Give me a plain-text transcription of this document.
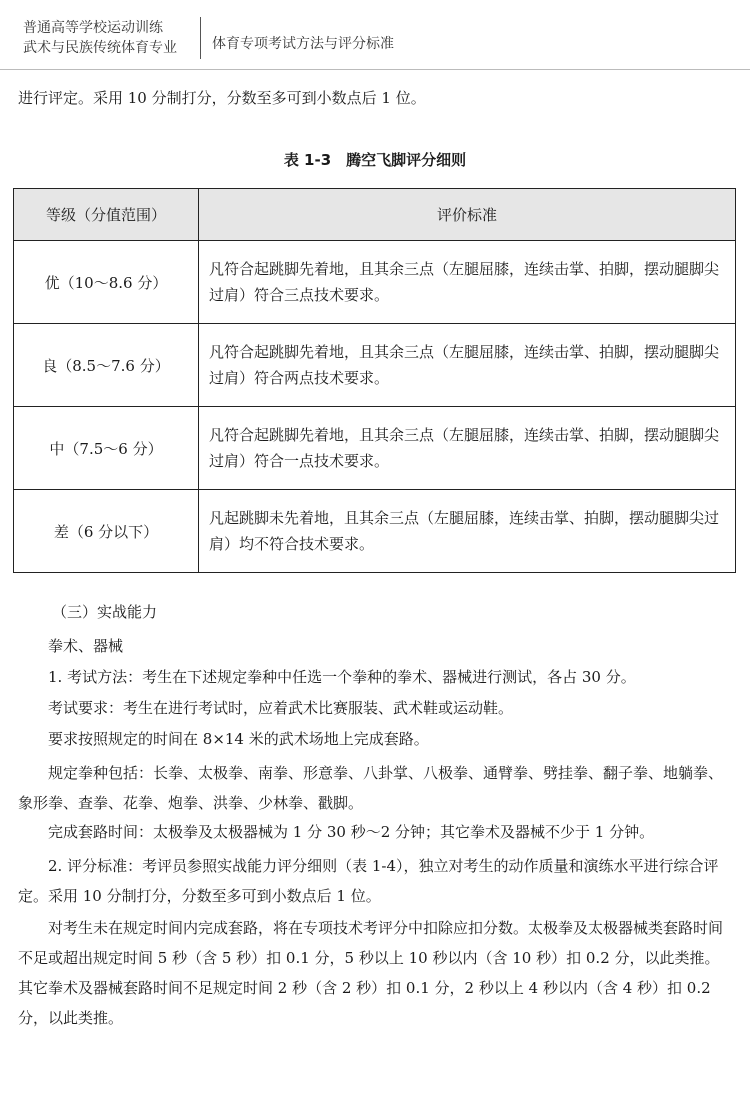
普通高等学校运动训练
武术与民族传统体育专业	体育专项考试方法与评分标准

进行评定。采用 10 分制打分，分数至多可到小数点后 1 位。

表 1-3　腾空飞脚评分细则
等级（分值范围）	评价标准
优（10～8.6 分）	凡符合起跳脚先着地，且其余三点（左腿屈膝，连续击掌、拍脚，摆动腿脚尖过肩）符合三点技术要求。
良（8.5～7.6 分）	凡符合起跳脚先着地，且其余三点（左腿屈膝，连续击掌、拍脚，摆动腿脚尖过肩）符合两点技术要求。
中（7.5～6 分）	凡符合起跳脚先着地，且其余三点（左腿屈膝，连续击掌、拍脚，摆动腿脚尖过肩）符合一点技术要求。
差（6 分以下）	凡起跳脚未先着地，且其余三点（左腿屈膝，连续击掌、拍脚，摆动腿脚尖过肩）均不符合技术要求。

（三）实战能力

拳术、器械

1. 考试方法：考生在下述规定拳种中任选一个拳种的拳术、器械进行测试，各占 30 分。

考试要求：考生在进行考试时，应着武术比赛服装、武术鞋或运动鞋。

要求按照规定的时间在 8×14 米的武术场地上完成套路。

规定拳种包括：长拳、太极拳、南拳、形意拳、八卦掌、八极拳、通臂拳、劈挂拳、翻子拳、地躺拳、象形拳、查拳、花拳、炮拳、洪拳、少林拳、戳脚。

完成套路时间：太极拳及太极器械为 1 分 30 秒～2 分钟；其它拳术及器械不少于 1 分钟。

2. 评分标准：考评员参照实战能力评分细则（表 1-4），独立对考生的动作质量和演练水平进行综合评定。采用 10 分制打分，分数至多可到小数点后 1 位。

对考生未在规定时间内完成套路，将在专项技术考评分中扣除应扣分数。太极拳及太极器械类套路时间不足或超出规定时间 5 秒（含 5 秒）扣 0.1 分，5 秒以上 10 秒以内（含 10 秒）扣 0.2 分，以此类推。其它拳术及器械套路时间不足规定时间 2 秒（含 2 秒）扣 0.1 分，2 秒以上 4 秒以内（含 4 秒）扣 0.2 分，以此类推。
